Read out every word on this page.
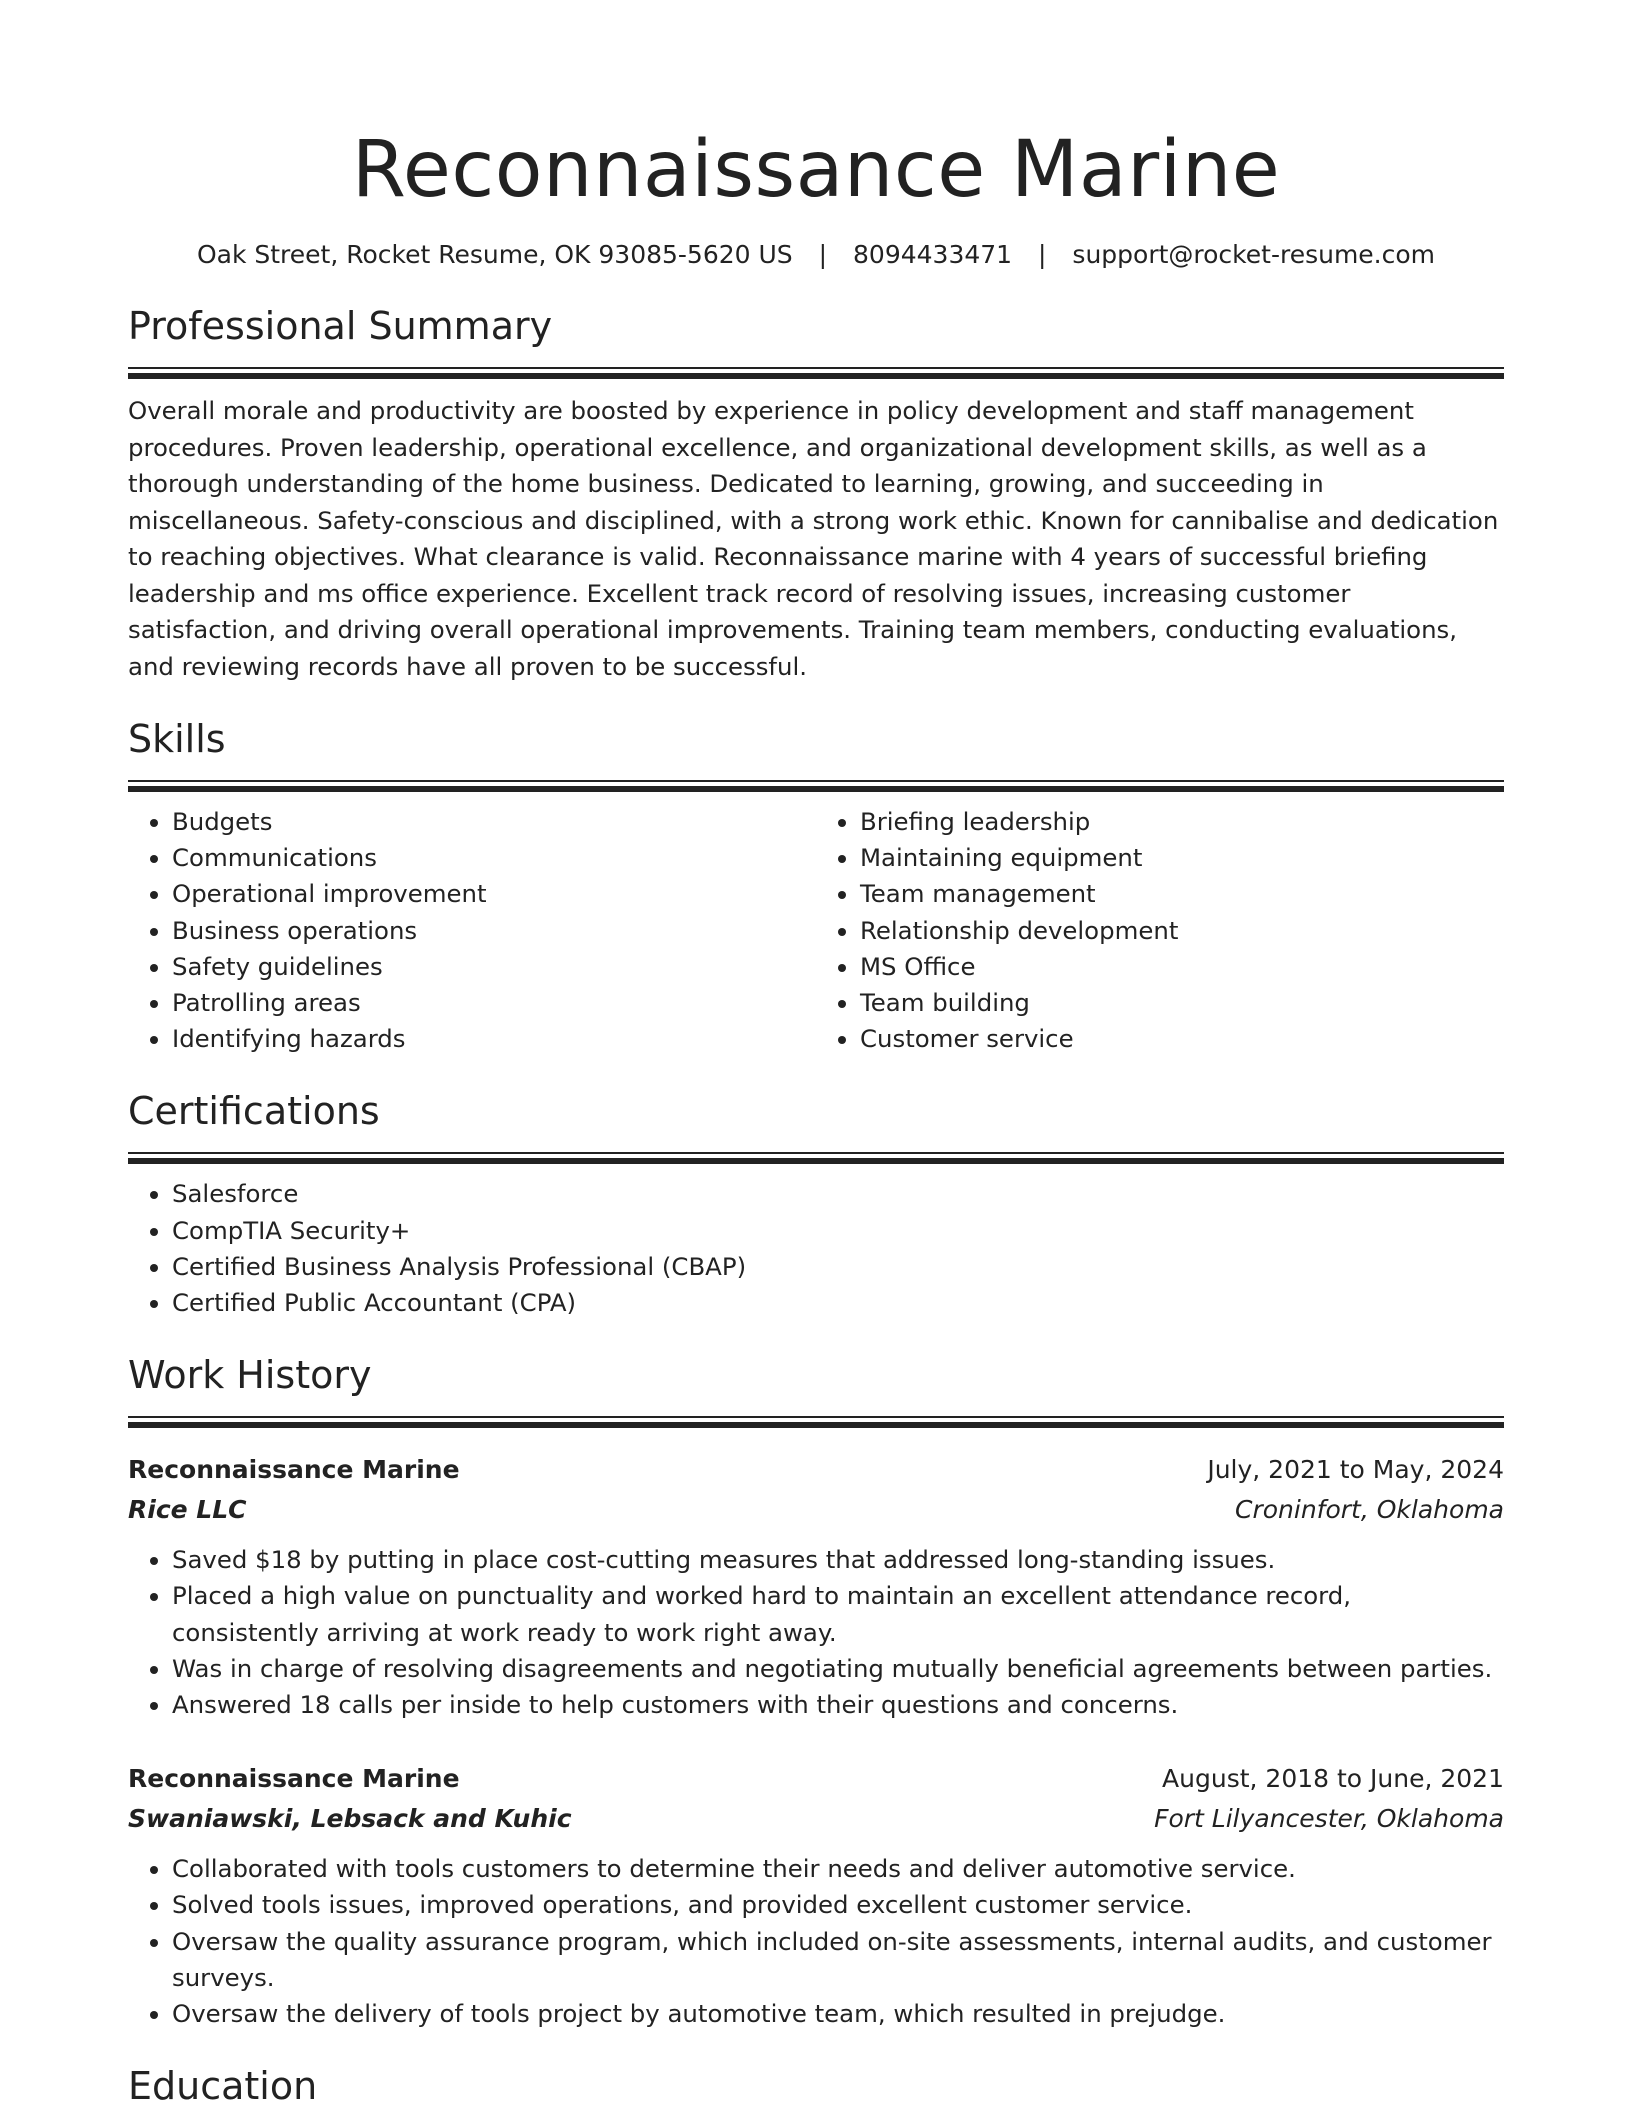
Reconnaissance Marine
Oak Street, Rocket Resume, OK 93085-5620 US | 8094433471 | support@rocket-resume.com
Professional Summary

Overall morale and productivity are boosted by experience in policy development and staff management procedures. Proven leadership, operational excellence, and organizational development skills, as well as a thorough understanding of the home business. Dedicated to learning, growing, and succeeding in miscellaneous. Safety-conscious and disciplined, with a strong work ethic. Known for cannibalise and dedication to reaching objectives. What clearance is valid. Reconnaissance marine with 4 years of successful briefing leadership and ms office experience. Excellent track record of resolving issues, increasing customer satisfaction, and driving overall operational improvements. Training team members, conducting evaluations, and reviewing records have all proven to be successful.

Skills
• Budgets
• Communications
• Operational improvement
• Business operations
• Safety guidelines
• Patrolling areas
• Identifying hazards
• Briefing leadership
• Maintaining equipment
• Team management
• Relationship development
• MS Office
• Team building
• Customer service
Certifications
• Salesforce
• CompTIA Security+
• Certified Business Analysis Professional (CBAP)
• Certified Public Accountant (CPA)
Work History
Reconnaissance Marine	July, 2021 to May, 2024
Rice LLC	Croninfort, Oklahoma
• Saved $18 by putting in place cost-cutting measures that addressed long-standing issues.
• Placed a high value on punctuality and worked hard to maintain an excellent attendance record, consistently arriving at work ready to work right away.
• Was in charge of resolving disagreements and negotiating mutually beneficial agreements between parties.
• Answered 18 calls per inside to help customers with their questions and concerns.
Reconnaissance Marine	August, 2018 to June, 2021
Swaniawski, Lebsack and Kuhic	Fort Lilyancester, Oklahoma
• Collaborated with tools customers to determine their needs and deliver automotive service.
• Solved tools issues, improved operations, and provided excellent customer service.
• Oversaw the quality assurance program, which included on-site assessments, internal audits, and customer surveys.
• Oversaw the delivery of tools project by automotive team, which resulted in prejudge.
Education
